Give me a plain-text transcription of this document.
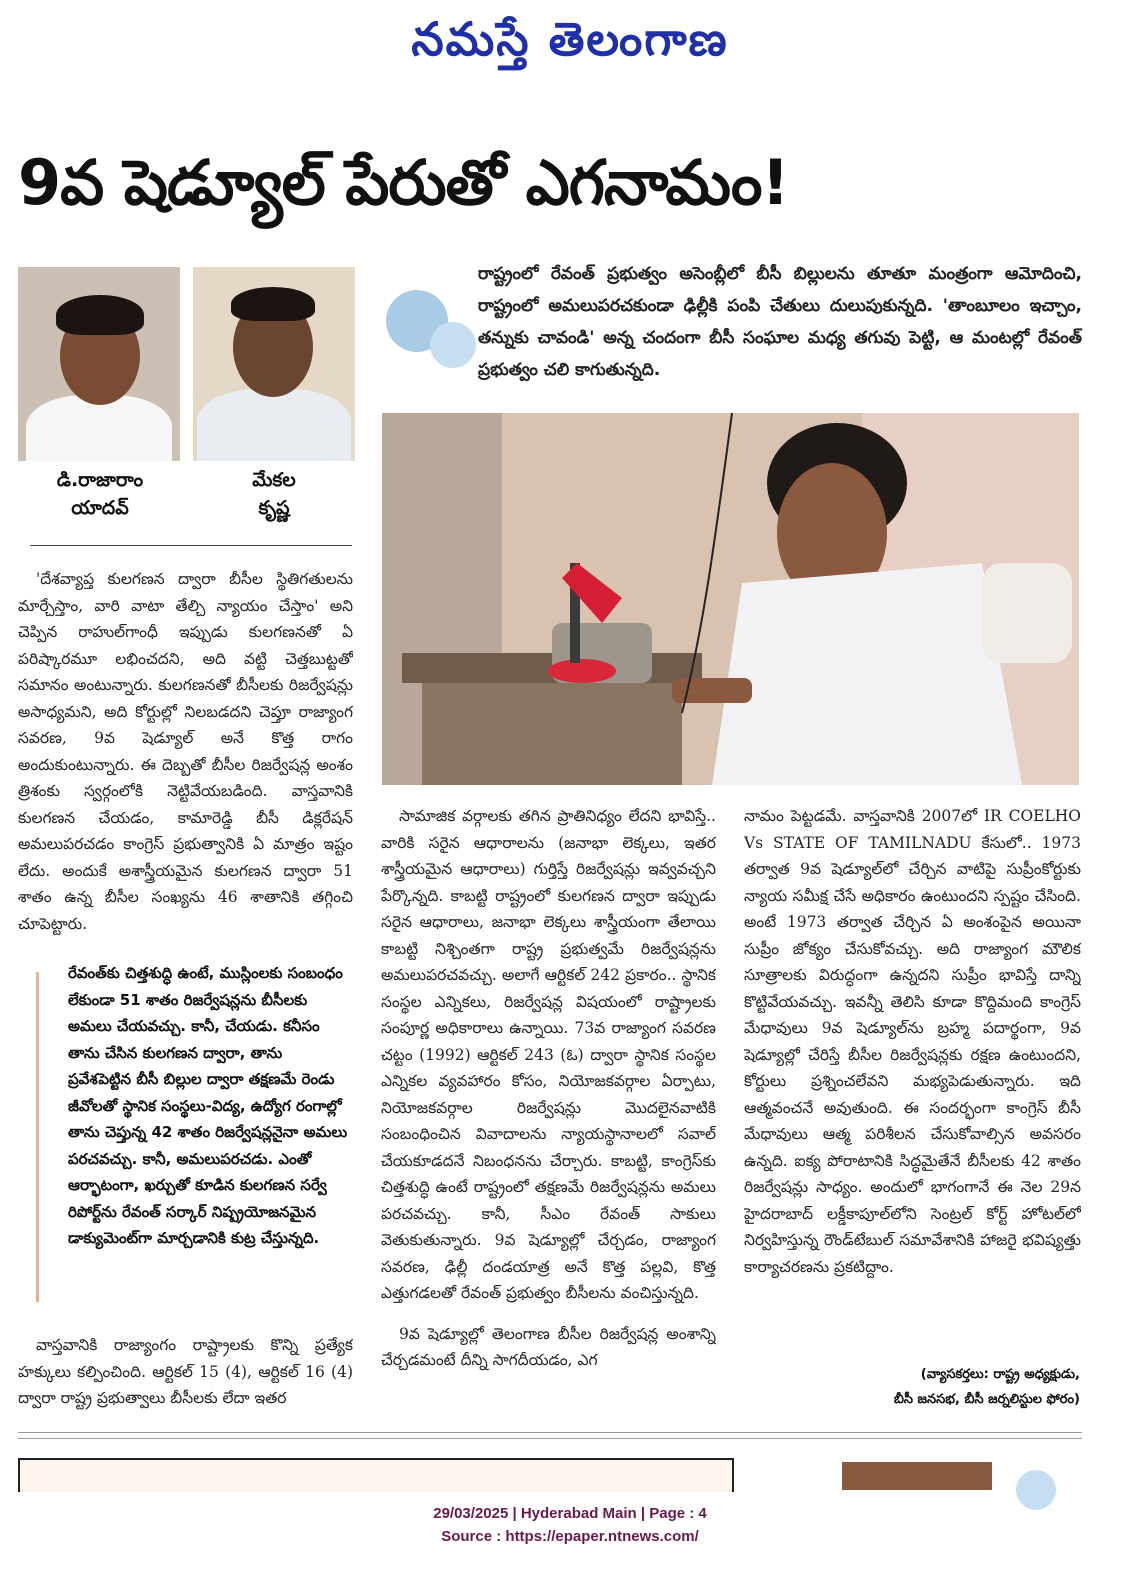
నమస్తే తెలంగాణ
9వ షెడ్యూల్ పేరుతో ఎగనామం!
డి.రాజారాం
యాదవ్
మేకల
కృష్ణ
రాష్ట్రంలో రేవంత్ ప్రభుత్వం అసెంబ్లీలో బీసీ బిల్లులను తూతూ మంత్రంగా ఆమోదించి, రాష్ట్రంలో అమలుపరచకుండా ఢిల్లీకి పంపి చేతులు దులుపుకున్నది. 'తాంబూలం ఇచ్చాం, తన్నుకు చావండి' అన్న చందంగా బీసీ సంఘాల మధ్య తగువు పెట్టి, ఆ మంటల్లో రేవంత్ ప్రభుత్వం చలి కాగుతున్నది.

'దేశవ్యాప్త కులగణన ద్వారా బీసీల స్థితిగతులను మార్చేస్తాం, వారి వాటా తేల్చి న్యాయం చేస్తాం' అని చెప్పిన రాహుల్‌గాంధీ ఇప్పుడు కులగణనతో ఏ పరిష్కారమూ లభించదని, అది వట్టి చెత్తబుట్టతో సమానం అంటున్నారు. కులగణనతో బీసీలకు రిజర్వేషన్లు అసాధ్యమని, అది కోర్టుల్లో నిలబడదని చెప్తూ రాజ్యాంగ సవరణ, 9వ షెడ్యూల్ అనే కొత్త రాగం అందుకుంటున్నారు. ఈ దెబ్బతో బీసీల రిజర్వేషన్ల అంశం త్రిశంకు స్వర్గంలోకి నెట్టివేయబడింది. వాస్తవానికి కులగణన చేయడం, కామారెడ్డి బీసీ డిక్లరేషన్ అమలుపరచడం కాంగ్రెస్ ప్రభుత్వానికి ఏ మాత్రం ఇష్టం లేదు. అందుకే అశాస్త్రీయమైన కులగణన ద్వారా 51 శాతం ఉన్న బీసీల సంఖ్యను 46 శాతానికి తగ్గించి చూపెట్టారు.

రేవంత్‌కు చిత్తశుద్ధి ఉంటే, ముస్లింలకు సంబంధం లేకుండా 51 శాతం రిజర్వేషన్లను బీసీలకు అమలు చేయవచ్చు. కానీ, చేయడు. కనీసం తాను చేసిన కులగణన ద్వారా, తాను ప్రవేశపెట్టిన బీసీ బిల్లుల ద్వారా తక్షణమే రెండు జీవోలతో స్థానిక సంస్థలు-విద్య, ఉద్యోగ రంగాల్లో తాను చెప్తున్న 42 శాతం రిజర్వేషన్లనైనా అమలు పరచవచ్చు. కానీ, అమలుపరచడు. ఎంతో ఆర్భాటంగా, ఖర్చుతో కూడిన కులగణన సర్వే రిపోర్ట్‌ను రేవంత్ సర్కార్ నిష్ప్రయోజనమైన డాక్యుమెంట్‌గా మార్చడానికి కుట్ర చేస్తున్నది.

వాస్తవానికి రాజ్యాంగం రాష్ట్రాలకు కొన్ని ప్రత్యేక హక్కులు కల్పించింది. ఆర్టికల్ 15 (4), ఆర్టికల్ 16 (4) ద్వారా రాష్ట్ర ప్రభుత్వాలు బీసీలకు లేదా ఇతర

సామాజిక వర్గాలకు తగిన ప్రాతినిధ్యం లేదని భావిస్తే.. వారికి సరైన ఆధారాలను (జనాభా లెక్కలు, ఇతర శాస్త్రీయమైన ఆధారాలు) గుర్తిస్తే రిజర్వేషన్లు ఇవ్వవచ్చని పేర్కొన్నది. కాబట్టి రాష్ట్రంలో కులగణన ద్వారా ఇప్పుడు సరైన ఆధారాలు, జనాభా లెక్కలు శాస్త్రీయంగా తేలాయి కాబట్టి నిశ్చింతగా రాష్ట్ర ప్రభుత్వమే రిజర్వేషన్లను అమలుపరచవచ్చు. అలాగే ఆర్టికల్ 242 ప్రకారం.. స్థానిక సంస్థల ఎన్నికలు, రిజర్వేషన్ల విషయంలో రాష్ట్రాలకు సంపూర్ణ అధికారాలు ఉన్నాయి. 73వ రాజ్యాంగ సవరణ చట్టం (1992) ఆర్టికల్ 243 (ఓ) ద్వారా స్థానిక సంస్థల ఎన్నికల వ్యవహారం కోసం, నియోజకవర్గాల ఏర్పాటు, నియోజకవర్గాల రిజర్వేషన్లు మొదలైనవాటికి సంబంధించిన వివాదాలను న్యాయస్థానాలలో సవాల్ చేయకూడదనే నిబంధనను చేర్చారు. కాబట్టి, కాంగ్రెస్‌కు చిత్తశుద్ధి ఉంటే రాష్ట్రంలో తక్షణమే రిజర్వేషన్లను అమలు పరచవచ్చు. కానీ, సీఎం రేవంత్ సాకులు వెతుకుతున్నారు. 9వ షెడ్యూల్లో చేర్చడం, రాజ్యాంగ సవరణ, ఢిల్లీ దండయాత్ర అనే కొత్త పల్లవి, కొత్త ఎత్తుగడలతో రేవంత్ ప్రభుత్వం బీసీలను వంచిస్తున్నది.

9వ షెడ్యూల్లో తెలంగాణ బీసీల రిజర్వేషన్ల అంశాన్ని చేర్చడమంటే దీన్ని సాగదీయడం, ఎగ

నామం పెట్టడమే. వాస్తవానికి 2007లో IR COELHO Vs STATE OF TAMILNADU కేసులో.. 1973 తర్వాత 9వ షెడ్యూల్‌లో చేర్చిన వాటిపై సుప్రీంకోర్టుకు న్యాయ సమీక్ష చేసే అధికారం ఉంటుందని స్పష్టం చేసింది. అంటే 1973 తర్వాత చేర్చిన ఏ అంశంపైన అయినా సుప్రీం జోక్యం చేసుకోవచ్చు. అది రాజ్యాంగ మౌలిక సూత్రాలకు విరుద్ధంగా ఉన్నదని సుప్రీం భావిస్తే దాన్ని కొట్టివేయవచ్చు. ఇవన్నీ తెలిసి కూడా కొద్దిమంది కాంగ్రెస్ మేధావులు 9వ షెడ్యూల్‌ను బ్రహ్మ పదార్థంగా, 9వ షెడ్యూల్లో చేరిస్తే బీసీల రిజర్వేషన్లకు రక్షణ ఉంటుందని, కోర్టులు ప్రశ్నించలేవని మభ్యపెడుతున్నారు. ఇది ఆత్మవంచనే అవుతుంది. ఈ సందర్భంగా కాంగ్రెస్ బీసీ మేధావులు ఆత్మ పరిశీలన చేసుకోవాల్సిన అవసరం ఉన్నది. ఐక్య పోరాటానికి సిద్ధమైతేనే బీసీలకు 42 శాతం రిజర్వేషన్లు సాధ్యం. అందులో భాగంగానే ఈ నెల 29న హైదరాబాద్ లక్డీకాపూల్‌లోని సెంట్రల్ కోర్ట్ హోటల్‌లో నిర్వహిస్తున్న రౌండ్‌టేబుల్ సమావేశానికి హాజరై భవిష్యత్తు కార్యాచరణను ప్రకటిద్దాం.

(వ్యాసకర్తలు: రాష్ట్ర అధ్యక్షుడు,
బీసీ జనసభ, బీసీ జర్నలిస్టుల ఫోరం)
29/03/2025 | Hyderabad Main | Page : 4
Source : https://epaper.ntnews.com/
